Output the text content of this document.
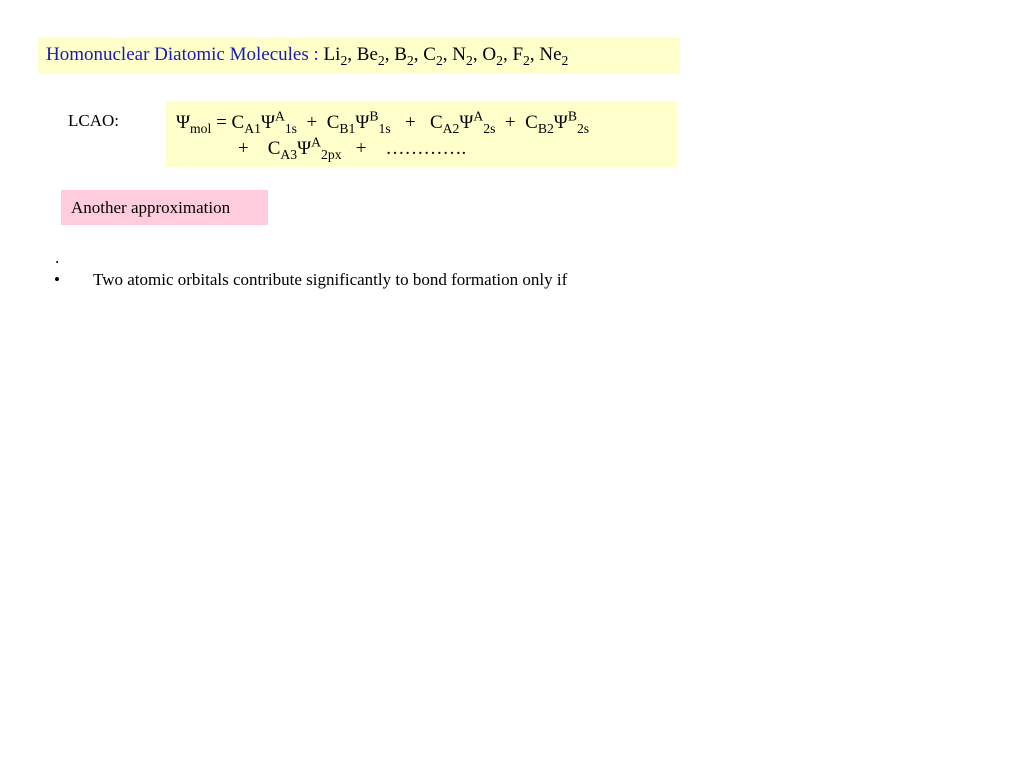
Homonuclear Diatomic Molecules : $Li_2$, $Be_2$, $B_2$, $C_2$, $N_2$, $O_2$, $F_2$, $Ne_2$
LCAO:	$\Psi_{mol} = C_{A1}\Psi^A_{1s} + C_{B1}\Psi^B_{1s} + C_{A2}\Psi^A_{2s} + C_{B2}\Psi^B_{2s}$
+    $C_{A3}\Psi^A_{2px}$   +    ………….
Another approximation
.
• Two atomic orbitals contribute significantly to bond formation only if
